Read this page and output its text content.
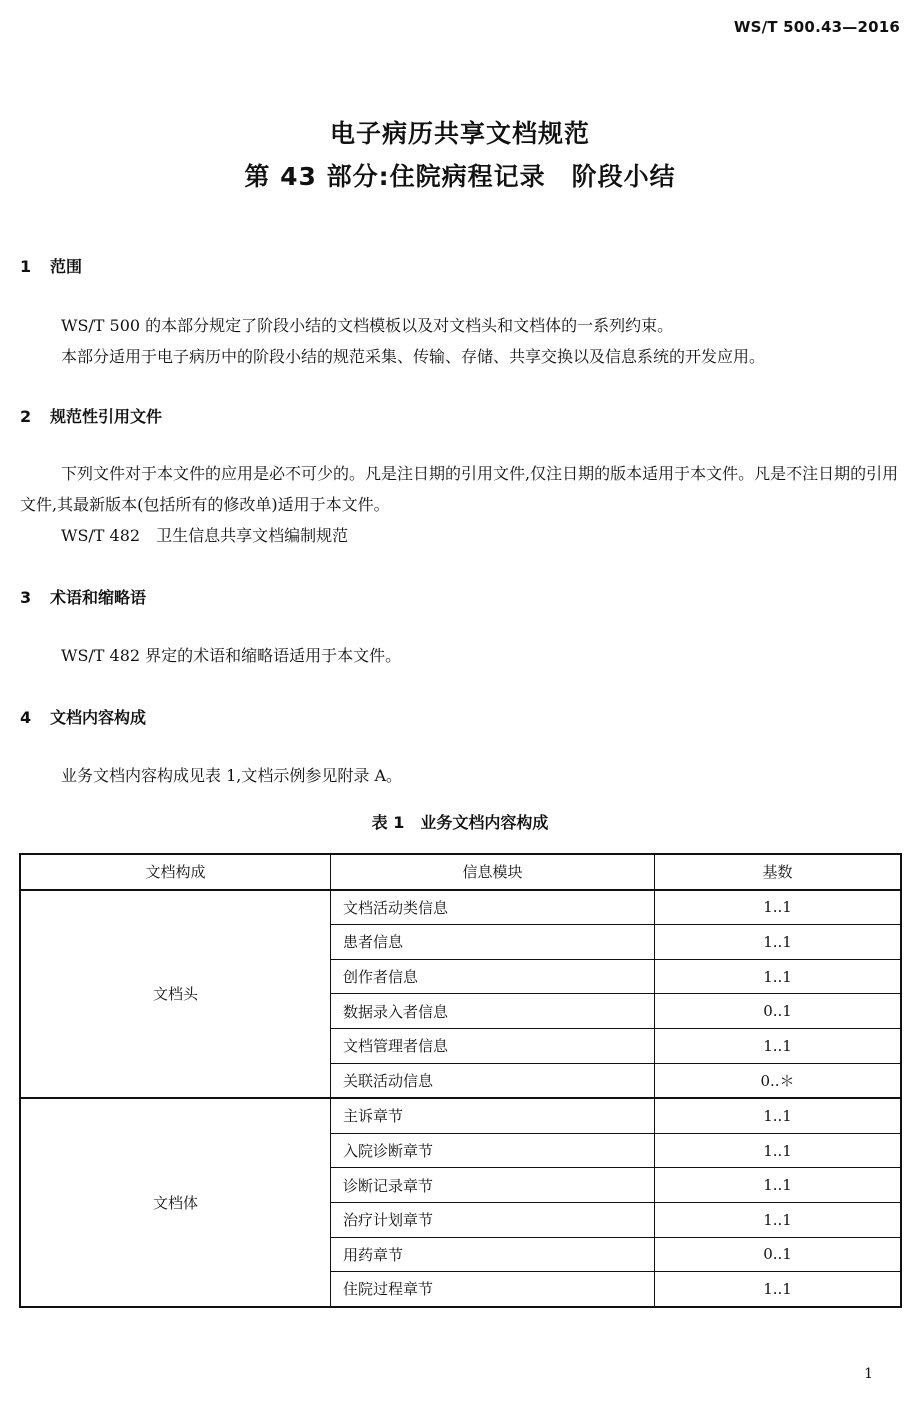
WS/T 500.43—2016
电子病历共享文档规范
第 43 部分:住院病程记录　阶段小结
1 范围
WS/T 500 的本部分规定了阶段小结的文档模板以及对文档头和文档体的一系列约束。
本部分适用于电子病历中的阶段小结的规范采集、传输、存储、共享交换以及信息系统的开发应用。
2 规范性引用文件
下列文件对于本文件的应用是必不可少的。凡是注日期的引用文件,仅注日期的版本适用于本文件。凡是不注日期的引用文件,其最新版本(包括所有的修改单)适用于本文件。
WS/T 482　卫生信息共享文档编制规范
3 术语和缩略语
WS/T 482 界定的术语和缩略语适用于本文件。
4 文档内容构成
业务文档内容构成见表 1,文档示例参见附录 A。
表 1　业务文档内容构成
文档构成	信息模块	基数
文档头	文档活动类信息	1..1
	患者信息	1..1
	创作者信息	1..1
	数据录入者信息	0..1
	文档管理者信息	1..1
	关联活动信息	0..＊
文档体	主诉章节	1..1
	入院诊断章节	1..1
	诊断记录章节	1..1
	治疗计划章节	1..1
	用药章节	0..1
	住院过程章节	1..1
1
